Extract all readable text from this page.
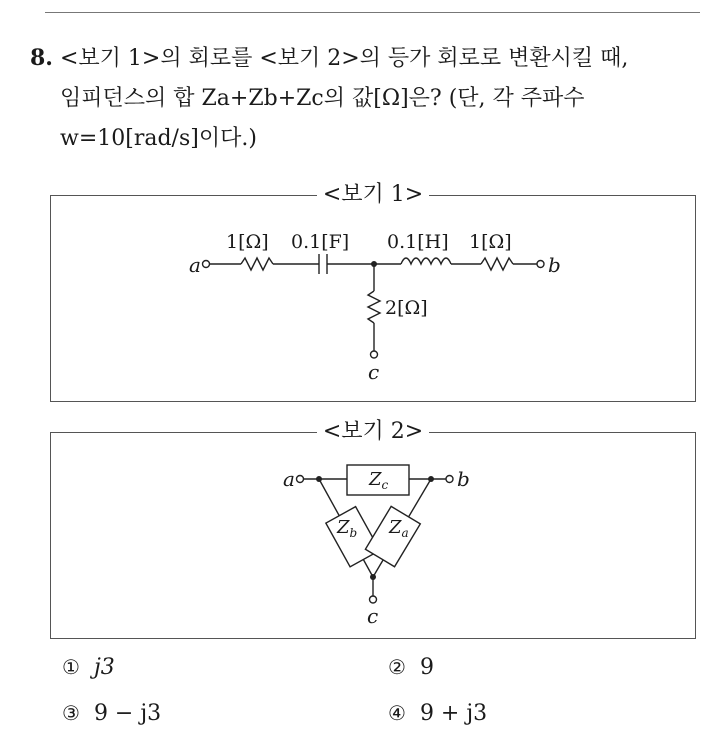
8. <보기 1>의 회로를 <보기 2>의 등가 회로로 변환시킬 때,
임피던스의 합 Za+Zb+Zc의 값[Ω]은? (단, 각 주파수
w=10[rad/s]이다.)
<보기 1>
a	b
c
1[Ω] 0.1[F] 0.1[H] 1[Ω]
2[Ω]
<보기 2>
a	b
c
$Z_c$
$Z_b$ $Z_a$
① j3	② 9
③ 9 − j3	④ 9 + j3
